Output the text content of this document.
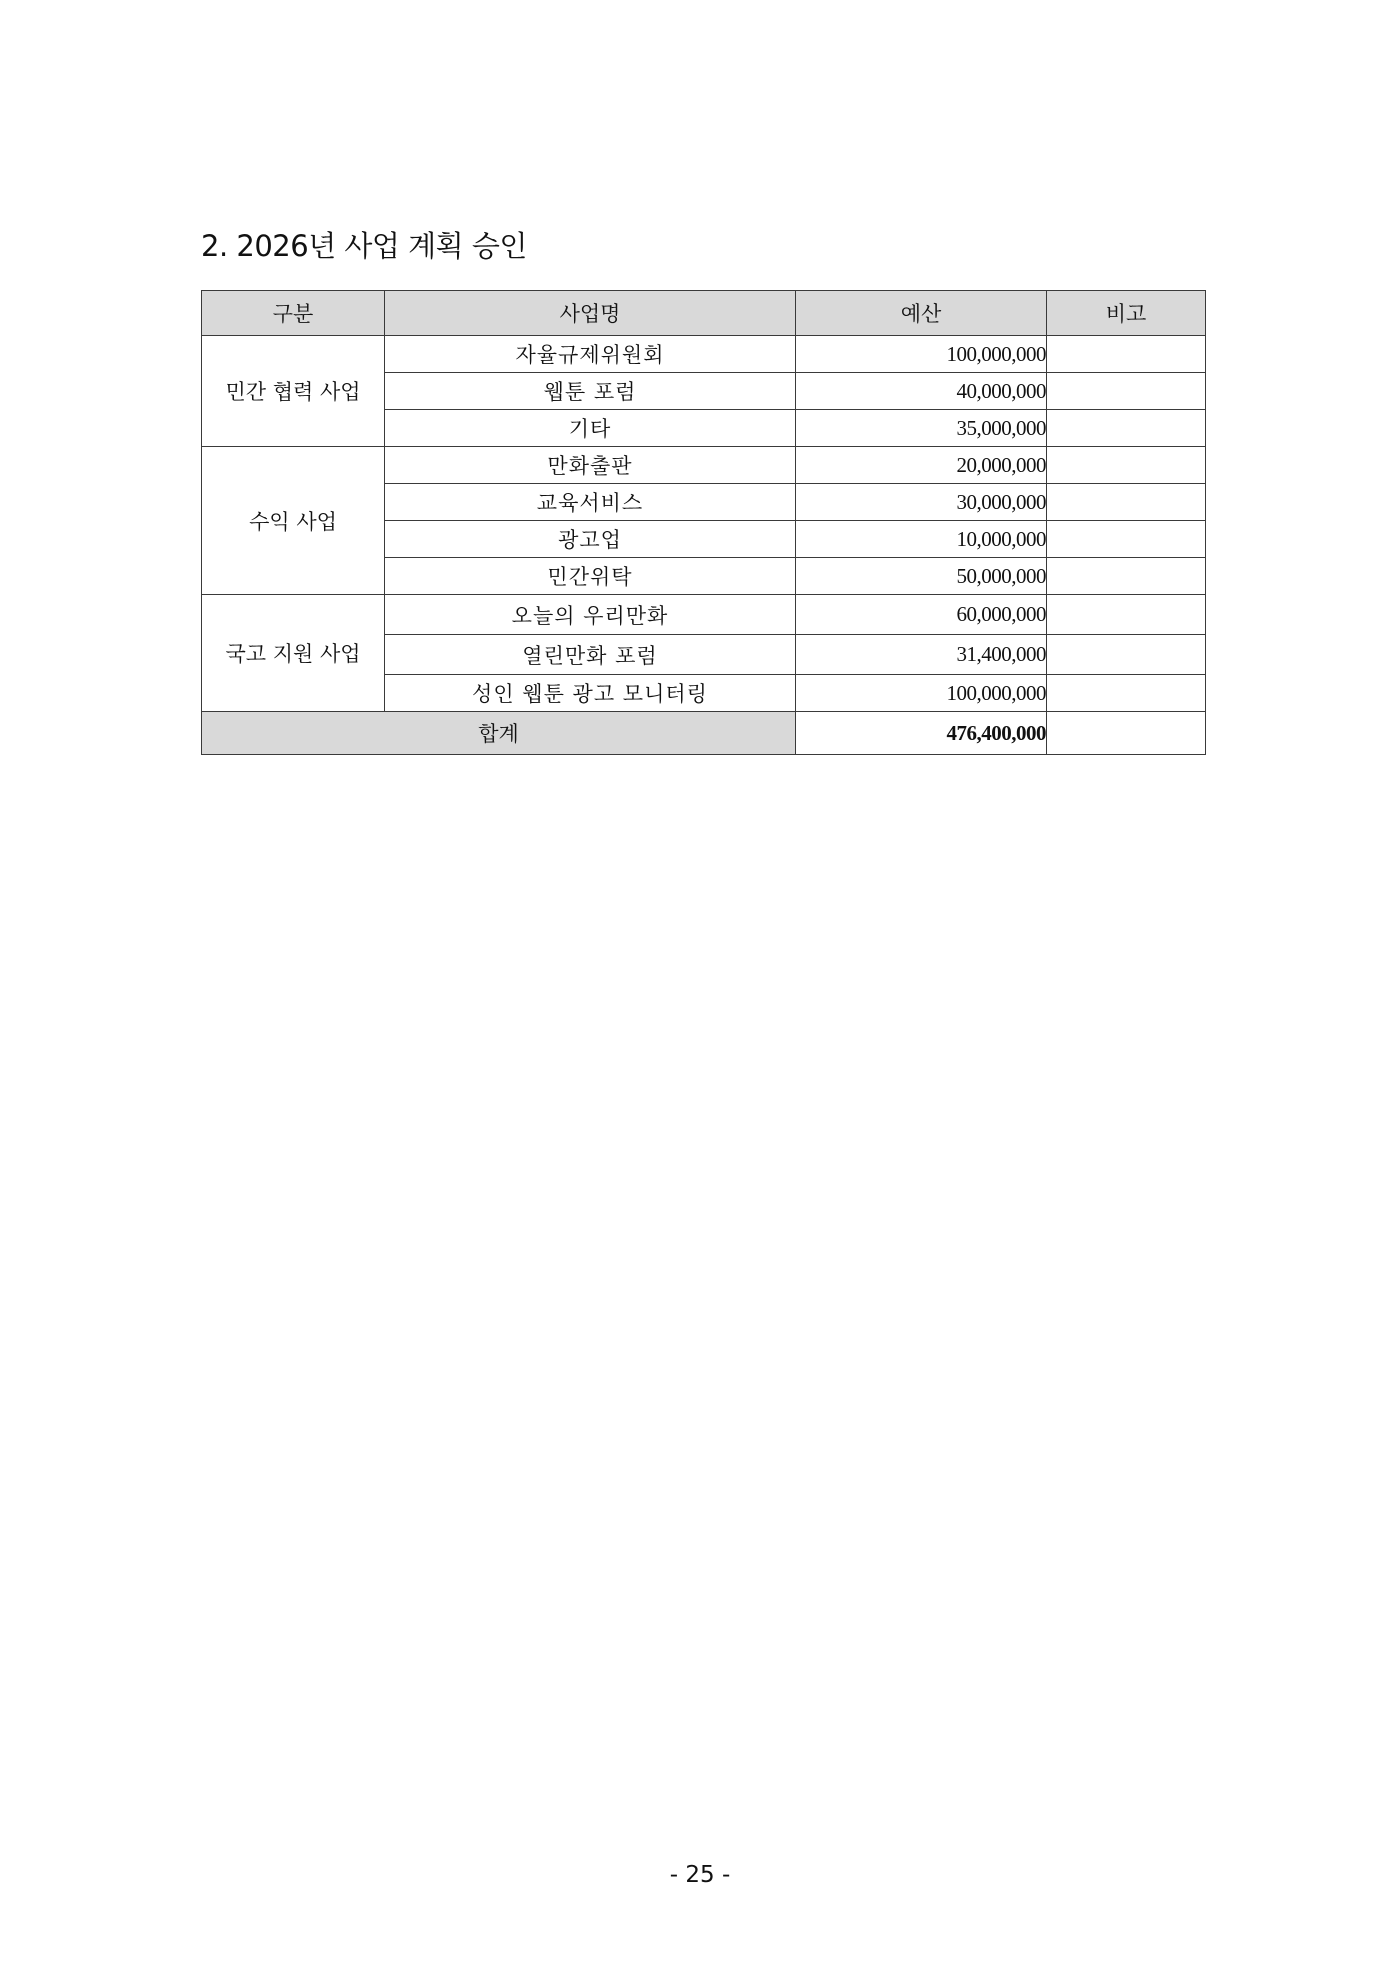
2. 2026년 사업 계획 승인
구분	사업명	예산	비고
민간 협력 사업	자율규제위원회	100,000,000	
	웹툰 포럼	40,000,000	
	기타	35,000,000	
수익 사업	만화출판	20,000,000	
	교육서비스	30,000,000	
	광고업	10,000,000	
	민간위탁	50,000,000	
국고 지원 사업	오늘의 우리만화	60,000,000	
	열린만화 포럼	31,400,000	
	성인 웹툰 광고 모니터링	100,000,000	
합계		476,400,000	
- 25 -
